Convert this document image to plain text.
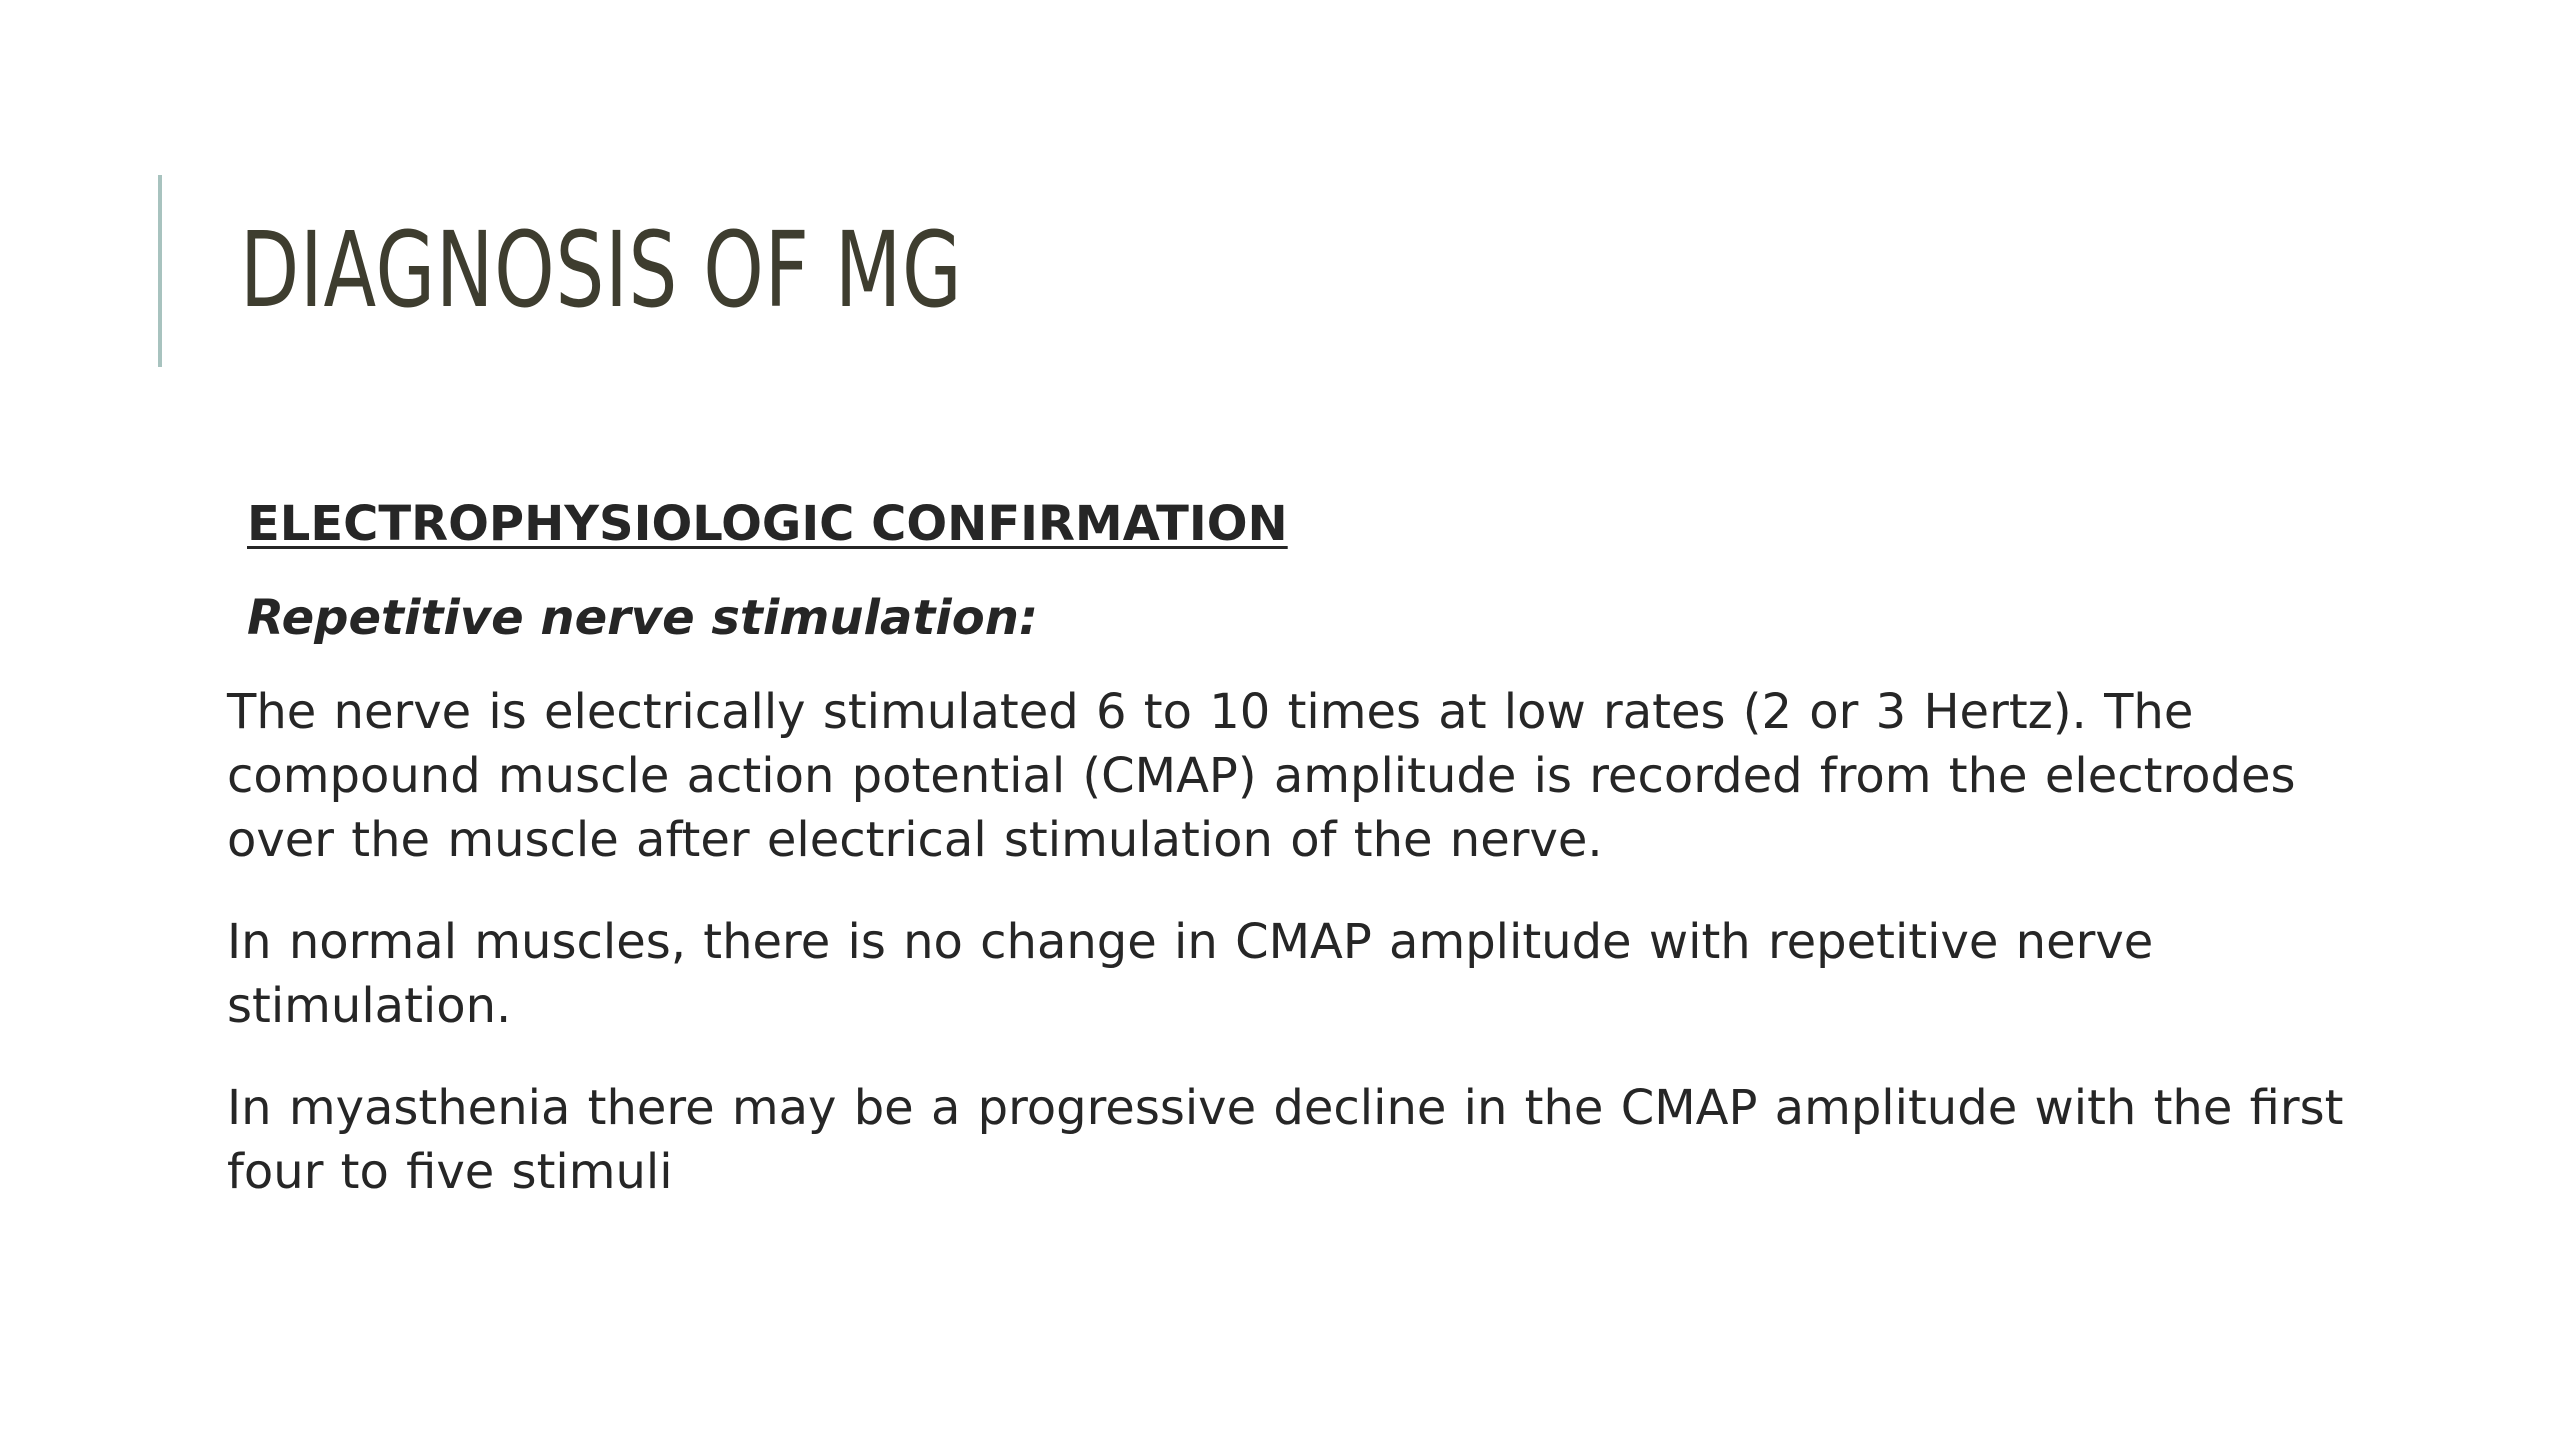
DIAGNOSIS OF MG

ELECTROPHYSIOLOGIC CONFIRMATION

Repetitive nerve stimulation:

The nerve is electrically stimulated 6 to 10 times at low rates (2 or 3 Hertz). The compound muscle action potential (CMAP) amplitude is recorded from the electrodes over the muscle after electrical stimulation of the nerve.

In normal muscles, there is no change in CMAP amplitude with repetitive nerve stimulation.

In myasthenia there may be a progressive decline in the CMAP amplitude with the first four to five stimuli
